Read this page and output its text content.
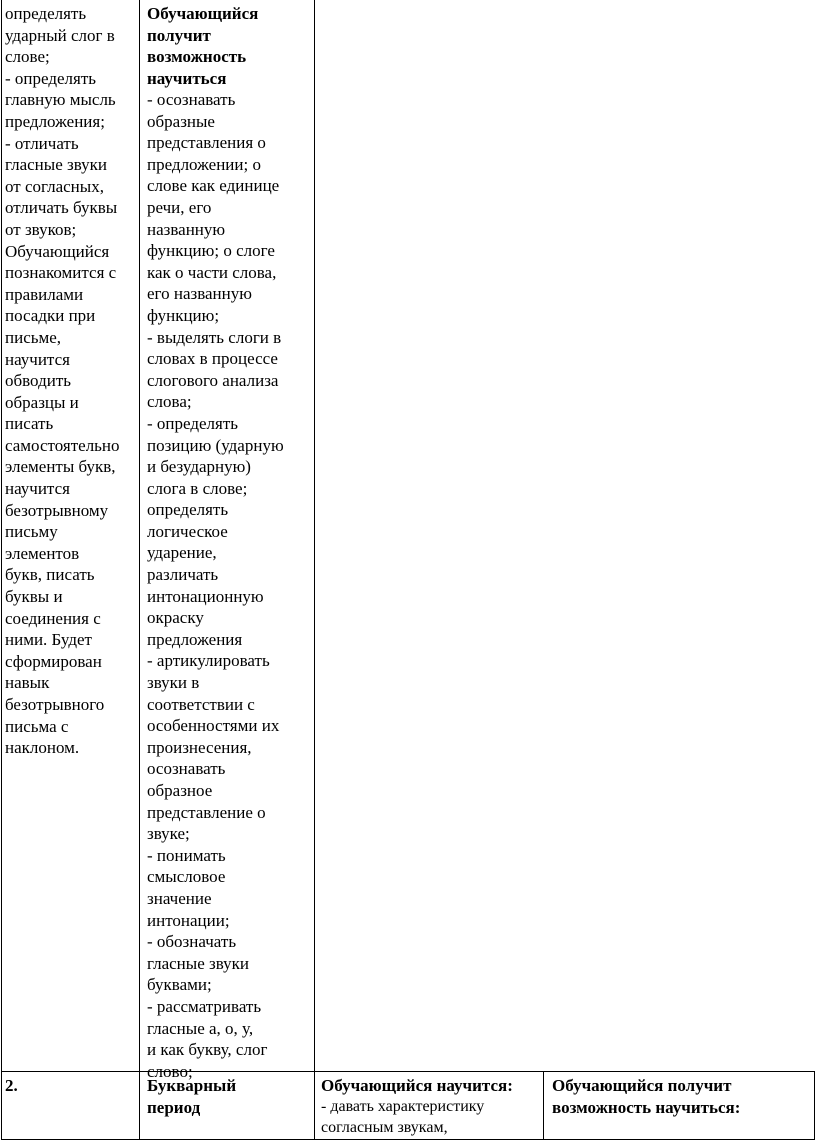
определять
ударный слог в
слове;
- определять
главную мысль
предложения;
- отличать
гласные звуки
от согласных,
отличать буквы
от звуков;
Обучающийся
познакомится с
правилами
посадки при
письме,
научится
обводить
образцы и
писать
самостоятельно
элементы букв,
научится
безотрывному
письму
элементов
букв, писать
буквы и
соединения с
ними. Будет
сформирован
навык
безотрывного
письма с
наклоном.
Обучающийся
получит
возможность
научиться
- осознавать
образные
представления о
предложении; о
слове как единице
речи, его
названную
функцию; о слоге
как о части слова,
его названную
функцию;
- выделять слоги в
словах в процессе
слогового анализа
слова;
- определять
позицию (ударную
и безударную)
слога в слове;
определять
логическое
ударение,
различать
интонационную
окраску
предложения
- артикулировать
звуки в
соответствии с
особенностями их
произнесения,
осознавать
образное
представление о
звуке;
- понимать
смысловое
значение
интонации;
- обозначать
гласные звуки
буквами;
- рассматривать
гласные а, о, у,
и как букву, слог
слово;
2.	Букварный
период
Обучающийся научится:
- давать характеристику
согласным звукам,
Обучающийся получит
возможность научиться:
